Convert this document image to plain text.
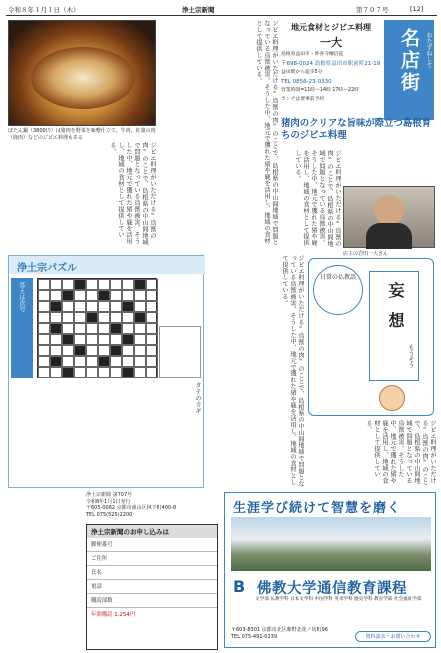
令和８年１月１日（木）	浄土宗新聞	第７０７号	[12]
ぼたん鍋（3800円）は猪肉を野菜を味噌仕立て。牛肉、紅葉の肉（鹿肉）などのジビエ料理もある
ジビエ料理がいただける"鳥獣の肉"のことで、島根県の中山間地域で問題となっている鳥獣被害。そうした中、地元で獲れた猪や鹿を活用し、地域の食材として提供している。	ジビエ料理がいただける"鳥獣の肉"のことで、島根県の中山間地域で問題となっている鳥獣被害。そうした中、地元で獲れた猪や鹿を活用し、地域の食材として提供している。	地元食材とジビエ料理
一大
島根県益田市・妙喜寺檀信徒
〒698-0024 島根県益田市駅前町21-19
益田駅から徒歩5分
TEL 0856-23-0330
営業時間=11時〜14時 17時〜22時
ランチは要事前予約
名店街 おたずねして
猪肉のクリアな旨味が際立つ島根育ちのジビエ料理
ジビエ料理がいただける"鳥獣の肉"のことで、島根県の中山間地域で問題となっている鳥獣被害。そうした中、地元で獲れた猪や鹿を活用し、地域の食材として提供している。
店主の岩田一大さん
浄土宗パズル
答えは次号
タテのカギ	ジビエ料理がいただける"鳥獣の肉"のことで、島根県の中山間地域で問題となっている鳥獣被害。そうした中、地元で獲れた猪や鹿を活用し、地域の食材として提供している。	日常の仏教語
妄想
もうそう
ジビエ料理がいただける"鳥獣の肉"のことで、島根県の中山間地域で問題となっている鳥獣被害。そうした中、地元で獲れた猪や鹿を活用し、地域の食材として提供している。
浄土宗新聞 第707号
令和8年1月1日発行
〒605-0062 京都市東山区林下町400-8
TEL 075(525)2200
浄土宗新聞のお申し込みは
郵便番号
ご住所
氏名
電話
購読部数
年間購読 1,254円
生涯学び続けて智慧を磨く
B 佛教大学通信教育課程
文学部 仏教学科 日本文学科 中国学科 英米学科 歴史学科 教育学部 社会福祉学部
〒603-8301 京都市北区紫野北花ノ坊町96
TEL 075-491-0239	資料請求・お問い合わせ
